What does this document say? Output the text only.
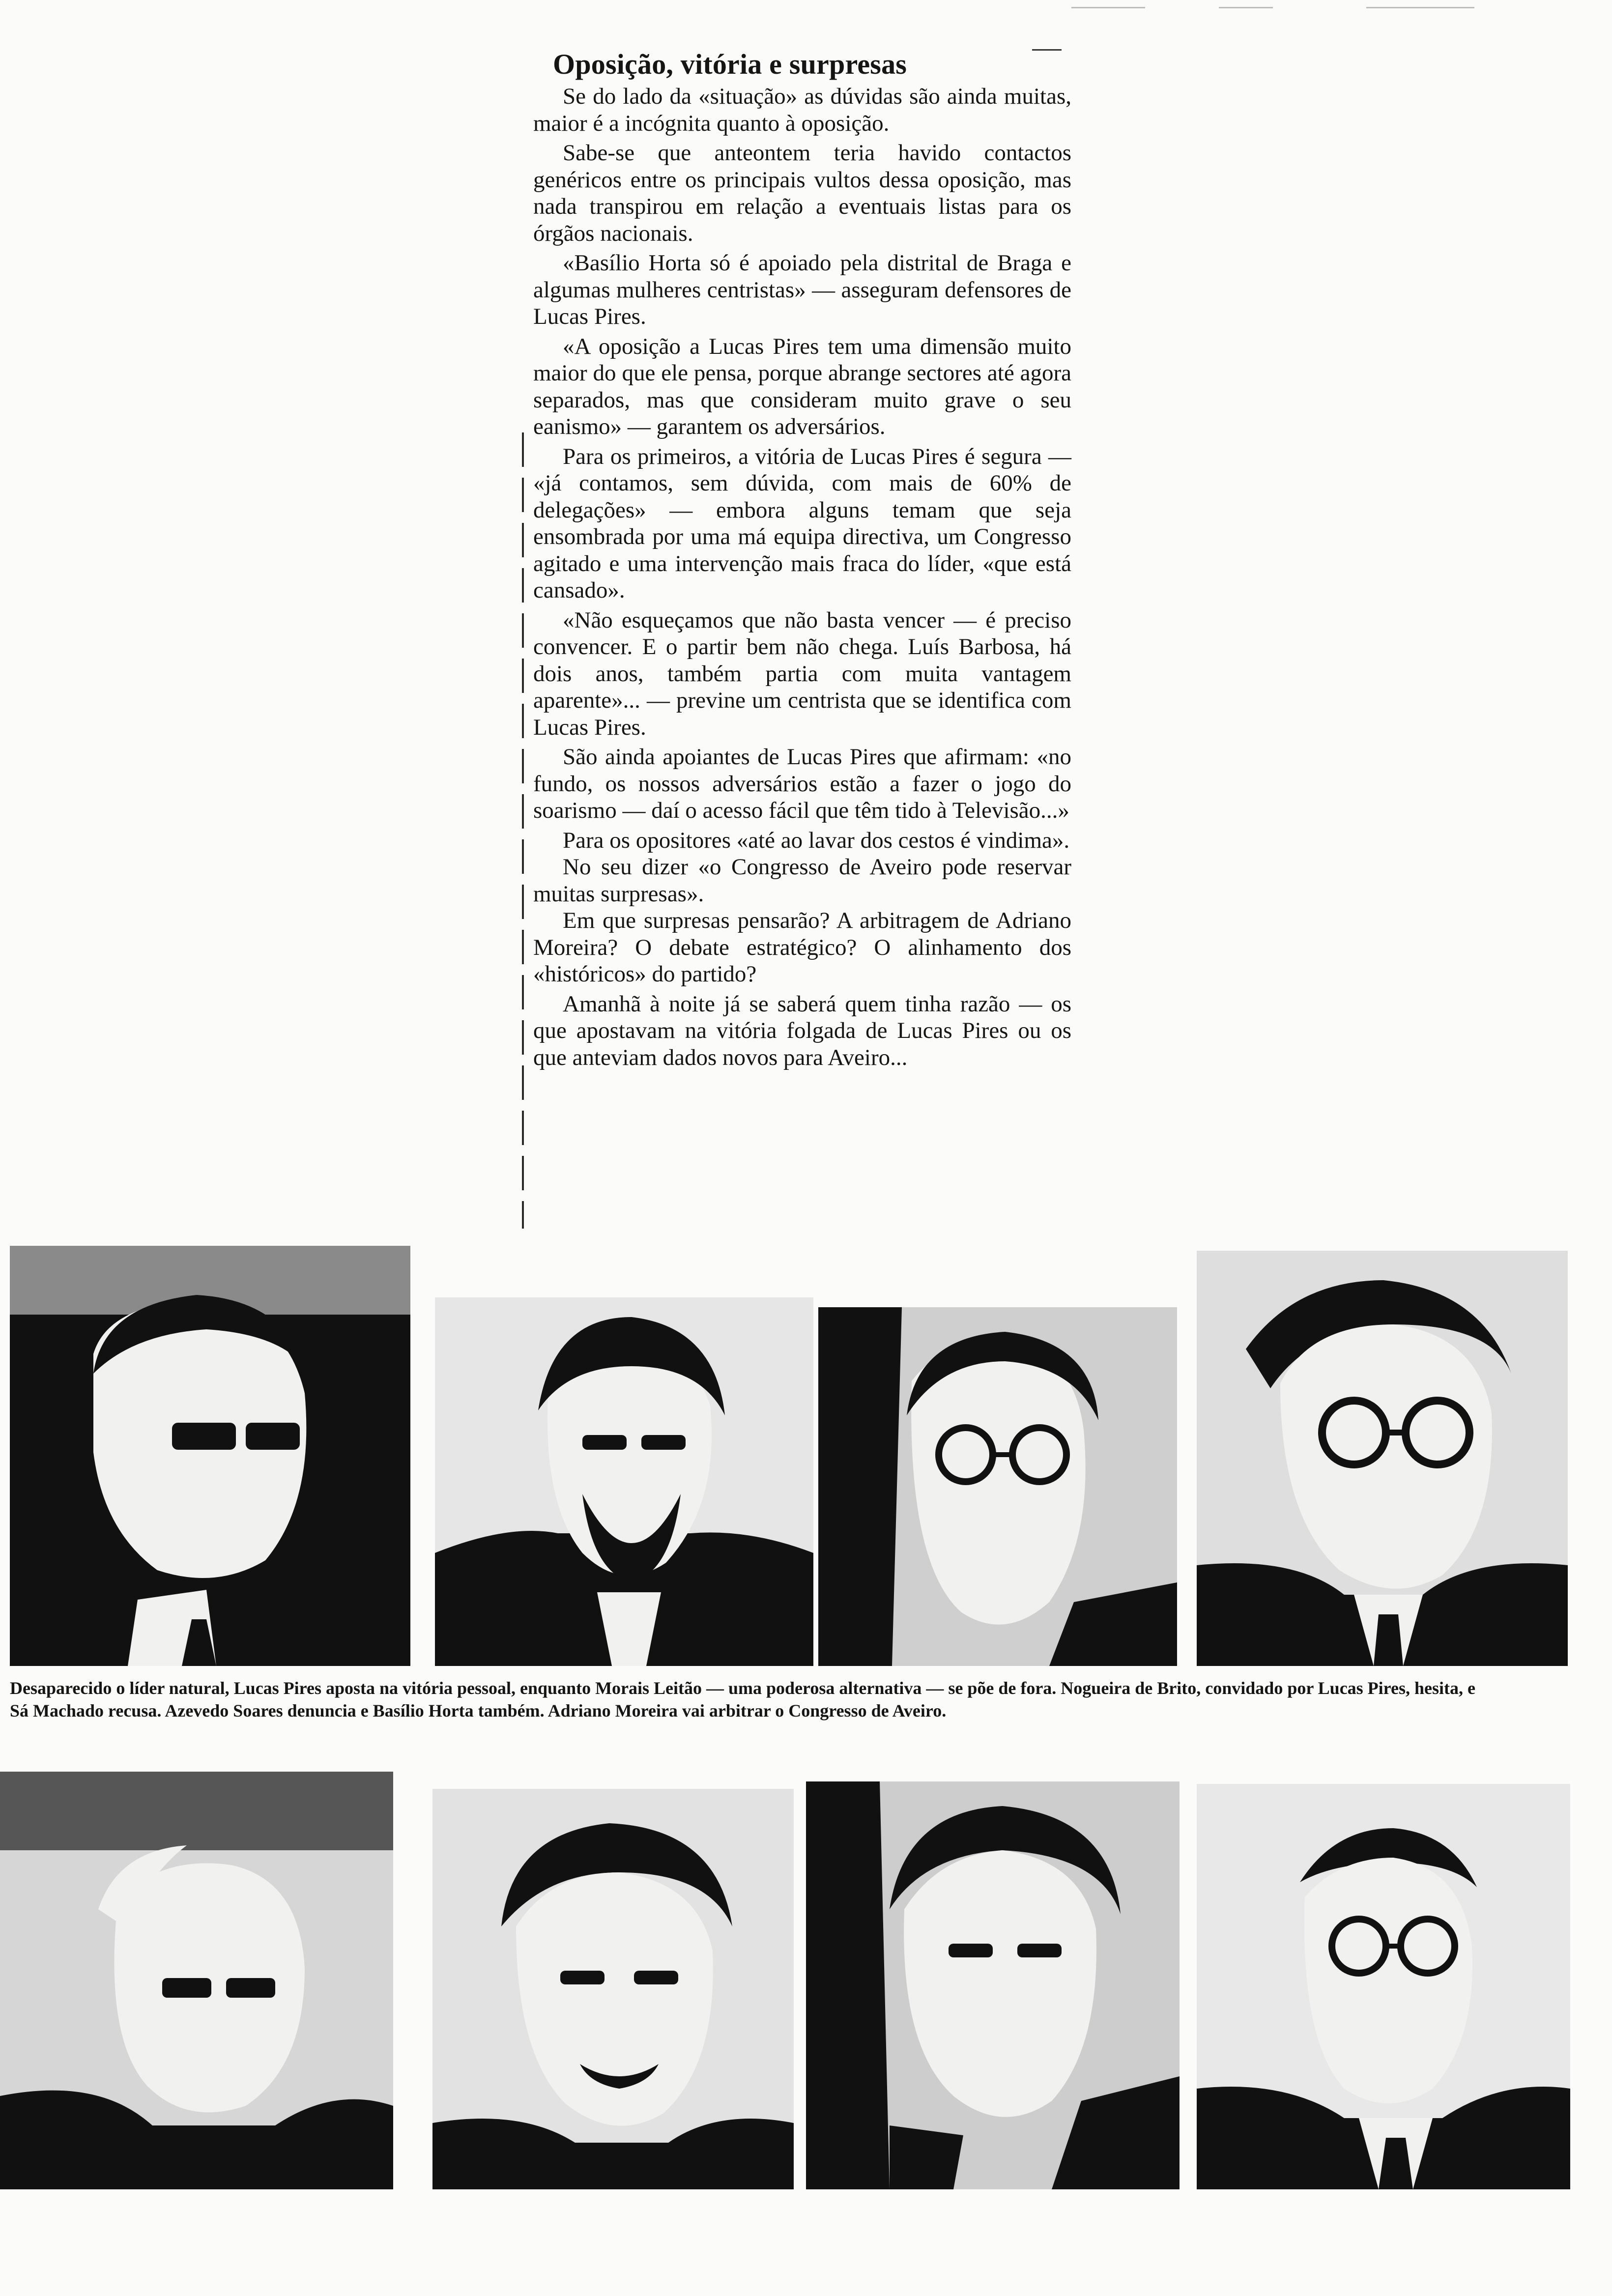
Oposição, vitória e surpresas

Se do lado da «situação» as dúvidas são ainda muitas, maior é a incógnita quanto à oposição.

Sabe-se que anteontem teria havido contactos genéricos entre os principais vultos dessa oposição, mas nada transpirou em relação a eventuais listas para os órgãos nacionais.

«Basílio Horta só é apoiado pela distrital de Braga e algumas mulheres centristas» — asseguram defensores de Lucas Pires.

«A oposição a Lucas Pires tem uma dimensão muito maior do que ele pensa, porque abrange sectores até agora separados, mas que consideram muito grave o seu eanismo» — garantem os adversários.

Para os primeiros, a vitória de Lucas Pires é segura — «já contamos, sem dúvida, com mais de 60% de delegações» — embora alguns temam que seja ensombrada por uma má equipa directiva, um Congresso agitado e uma intervenção mais fraca do líder, «que está cansado».

«Não esqueçamos que não basta vencer — é preciso convencer. E o partir bem não chega. Luís Barbosa, há dois anos, também partia com muita vantagem aparente»... — previne um centrista que se identifica com Lucas Pires.

São ainda apoiantes de Lucas Pires que afirmam: «no fundo, os nossos adversários estão a fazer o jogo do soarismo — daí o acesso fácil que têm tido à Televisão...»

Para os opositores «até ao lavar dos cestos é vindima».

No seu dizer «o Congresso de Aveiro pode reservar muitas surpresas».

Em que surpresas pensarão? A arbitragem de Adriano Moreira? O debate estratégico? O alinhamento dos «históricos» do partido?

Amanhã à noite já se saberá quem tinha razão — os que apostavam na vitória folgada de Lucas Pires ou os que anteviam dados novos para Aveiro...

Desaparecido o líder natural, Lucas Pires aposta na vitória pessoal, enquanto Morais Leitão — uma poderosa alternativa — se põe de fora. Nogueira de Brito, convidado por Lucas Pires, hesita, e Sá Machado recusa. Azevedo Soares denuncia e Basílio Horta também. Adriano Moreira vai arbitrar o Congresso de Aveiro.
